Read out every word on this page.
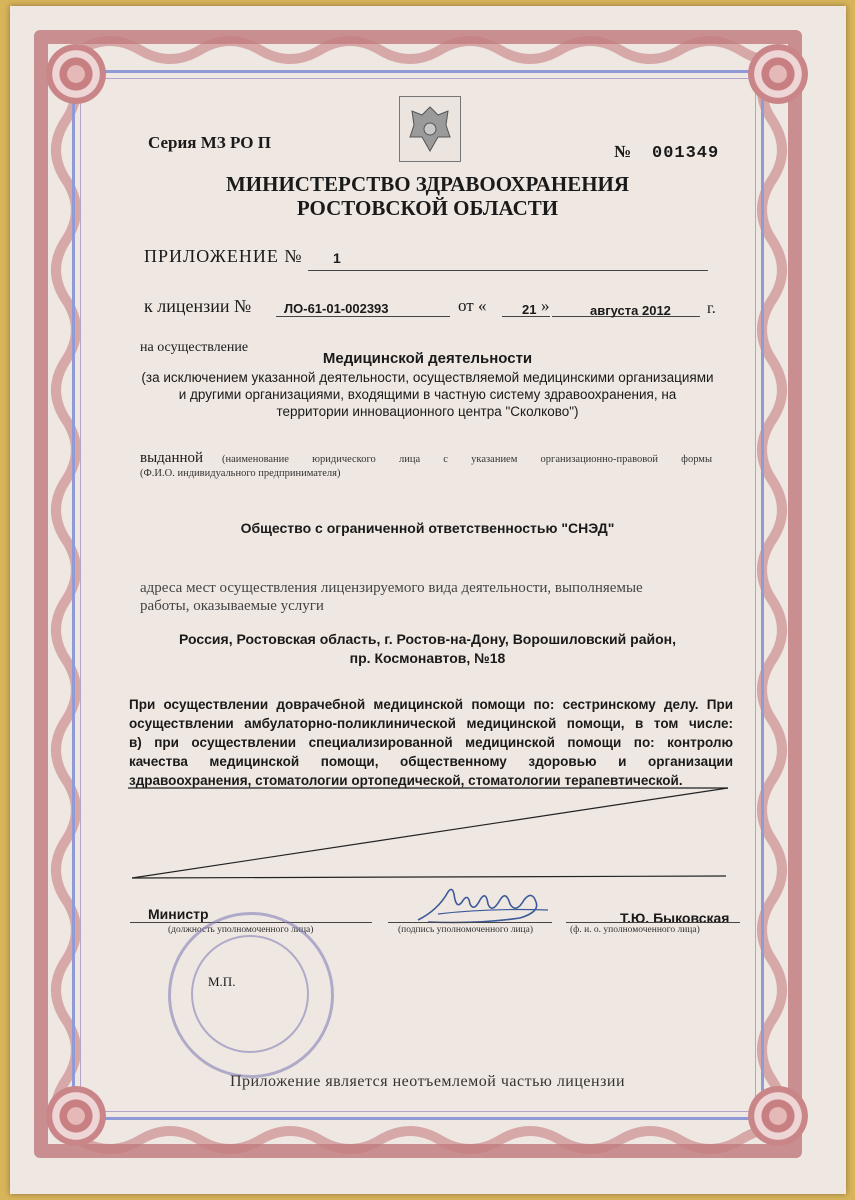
Серия МЗ РО П	№ 001349
МИНИСТЕРСТВО ЗДРАВООХРАНЕНИЯ
РОСТОВСКОЙ ОБЛАСТИ
ПРИЛОЖЕНИЕ № 1
к лицензии №	ЛО-61-01-002393	от «	21 »	августа 2012 г.
на осуществление
Медицинской деятельности
(за исключением указанной деятельности, осуществляемой медицинскими организациями
и другими организациями, входящими в частную систему здравоохранения, на
территории инновационного центра "Сколково")
выданной (наименование юридического лица с указанием организационно-правовой формы
(Ф.И.О. индивидуального предпринимателя)
Общество с ограниченной ответственностью "СНЭД"
адреса мест осуществления лицензируемого вида деятельности, выполняемые
работы, оказываемые услуги
Россия, Ростовская область, г. Ростов-на-Дону, Ворошиловский район,
пр. Космонавтов, №18
При осуществлении доврачебной медицинской помощи по: сестринскому делу. При
осуществлении амбулаторно-поликлинической медицинской помощи, в том числе:
в) при осуществлении специализированной медицинской помощи по: контролю
качества медицинской помощи, общественному здоровью и организации
здравоохранения, стоматологии ортопедической, стоматологии терапевтической.
Министр
(должность уполномоченного лица)	(подпись уполномоченного лица)
Т.Ю. Быковская
(ф. и. о. уполномоченного лица)
М.П.
Приложение является неотъемлемой частью лицензии
